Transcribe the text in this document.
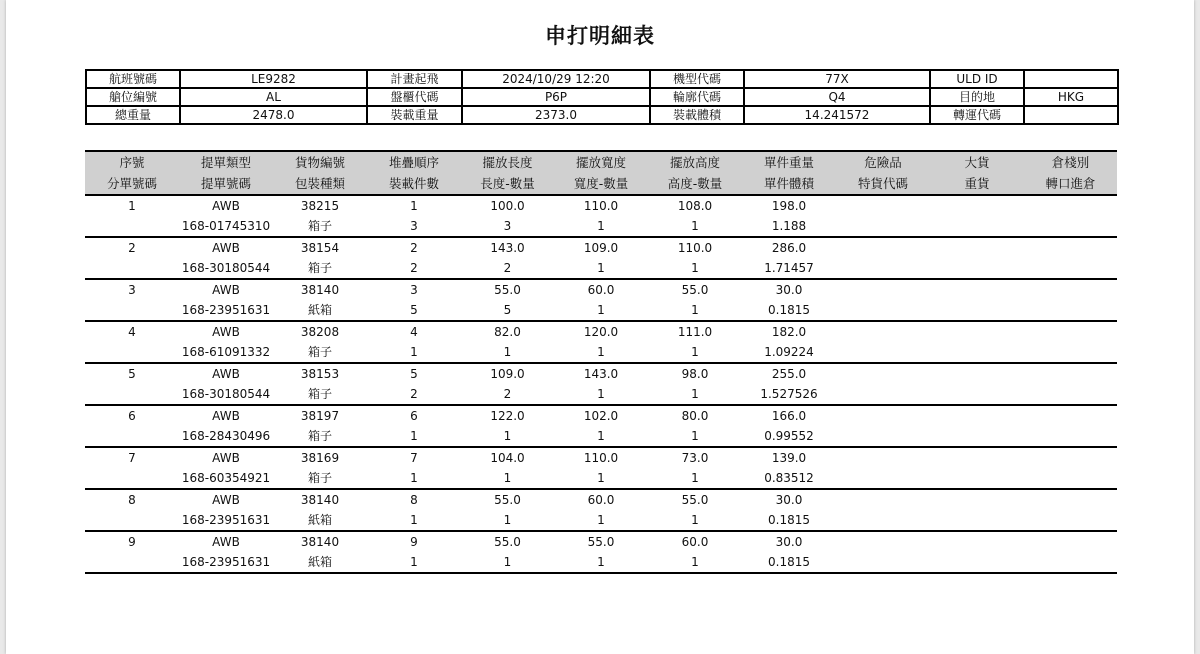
申打明細表
航班號碼	LE9282	計畫起飛	2024/10/29 12:20	機型代碼	77X	ULD ID	
艙位編號	AL	盤櫃代碼	P6P	輪廓代碼	Q4	目的地	HKG
總重量	2478.0	裝載重量	2373.0	裝載體積	14.241572	轉運代碼	
序號	提單類型	貨物編號	堆疊順序	擺放長度	擺放寬度	擺放高度	單件重量	危險品	大貨	倉棧別
分單號碼	提單號碼	包裝種類	裝載件數	長度-數量	寬度-數量	高度-數量	單件體積	特貨代碼	重貨	轉口進倉
1	AWB	38215	1	100.0	110.0	108.0	198.0			
	168-01745310	箱子	3	3	1	1	1.188			
2	AWB	38154	2	143.0	109.0	110.0	286.0			
	168-30180544	箱子	2	2	1	1	1.71457			
3	AWB	38140	3	55.0	60.0	55.0	30.0			
	168-23951631	紙箱	5	5	1	1	0.1815			
4	AWB	38208	4	82.0	120.0	111.0	182.0			
	168-61091332	箱子	1	1	1	1	1.09224			
5	AWB	38153	5	109.0	143.0	98.0	255.0			
	168-30180544	箱子	2	2	1	1	1.527526			
6	AWB	38197	6	122.0	102.0	80.0	166.0			
	168-28430496	箱子	1	1	1	1	0.99552			
7	AWB	38169	7	104.0	110.0	73.0	139.0			
	168-60354921	箱子	1	1	1	1	0.83512			
8	AWB	38140	8	55.0	60.0	55.0	30.0			
	168-23951631	紙箱	1	1	1	1	0.1815			
9	AWB	38140	9	55.0	55.0	60.0	30.0			
	168-23951631	紙箱	1	1	1	1	0.1815			
